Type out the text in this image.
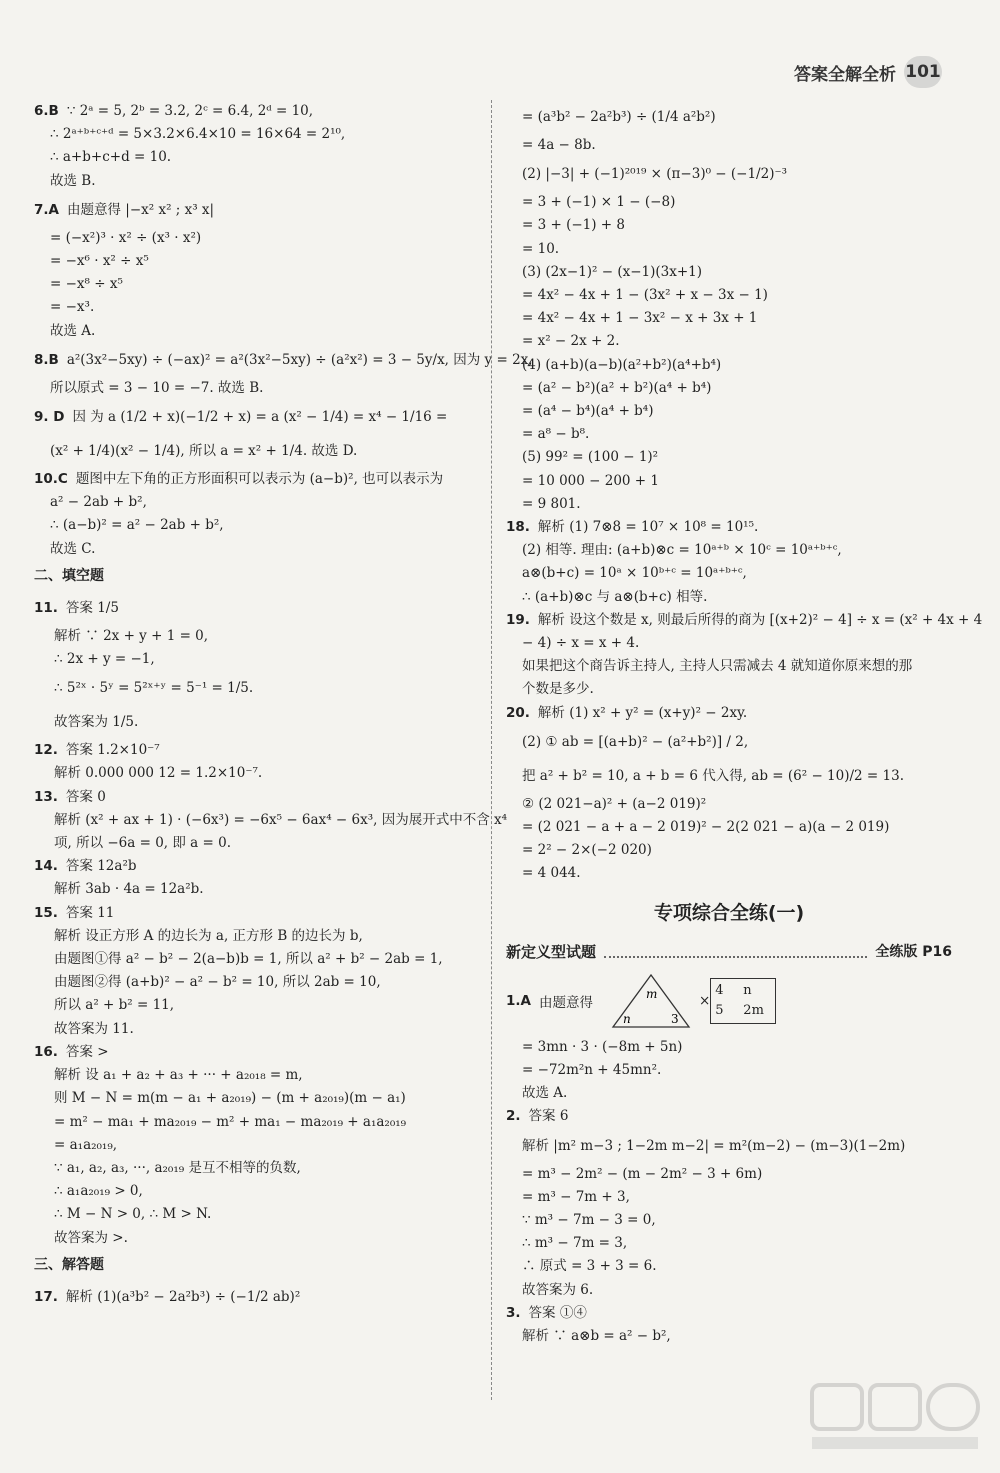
答案全解全析 101
6.B ∵ 2ᵃ = 5, 2ᵇ = 3.2, 2ᶜ = 6.4, 2ᵈ = 10,
∴ 2ᵃ⁺ᵇ⁺ᶜ⁺ᵈ = 5×3.2×6.4×10 = 16×64 = 2¹⁰,
∴ a+b+c+d = 10.
故选 B.
7.A 由题意得 |−x² x² ; x³ x|
= (−x²)³ · x² ÷ (x³ · x²)
= −x⁶ · x² ÷ x⁵
= −x⁸ ÷ x⁵
= −x³.
故选 A.
8.B a²(3x²−5xy) ÷ (−ax)² = a²(3x²−5xy) ÷ (a²x²) = 3 − 5y/x, 因为 y = 2x,
所以原式 = 3 − 10 = −7. 故选 B.
9. D 因 为 a (1/2 + x)(−1/2 + x) = a (x² − 1/4) = x⁴ − 1/16 =
(x² + 1/4)(x² − 1/4), 所以 a = x² + 1/4. 故选 D.
10.C 题图中左下角的正方形面积可以表示为 (a−b)², 也可以表示为
a² − 2ab + b²,
∴ (a−b)² = a² − 2ab + b²,
故选 C.
二、填空题
11. 答案 1/5
解析 ∵ 2x + y + 1 = 0,
∴ 2x + y = −1,
∴ 5²ˣ · 5ʸ = 5²ˣ⁺ʸ = 5⁻¹ = 1/5.
故答案为 1/5.
12. 答案 1.2×10⁻⁷
解析 0.000 000 12 = 1.2×10⁻⁷.
13. 答案 0
解析 (x² + ax + 1) · (−6x³) = −6x⁵ − 6ax⁴ − 6x³, 因为展开式中不含 x⁴
项, 所以 −6a = 0, 即 a = 0.
14. 答案 12a²b
解析 3ab · 4a = 12a²b.
15. 答案 11
解析 设正方形 A 的边长为 a, 正方形 B 的边长为 b,
由题图①得 a² − b² − 2(a−b)b = 1, 所以 a² + b² − 2ab = 1,
由题图②得 (a+b)² − a² − b² = 10, 所以 2ab = 10,
所以 a² + b² = 11,
故答案为 11.
16. 答案 >
解析 设 a₁ + a₂ + a₃ + ··· + a₂₀₁₈ = m,
则 M − N = m(m − a₁ + a₂₀₁₉) − (m + a₂₀₁₉)(m − a₁)
= m² − ma₁ + ma₂₀₁₉ − m² + ma₁ − ma₂₀₁₉ + a₁a₂₀₁₉
= a₁a₂₀₁₉,
∵ a₁, a₂, a₃, ···, a₂₀₁₉ 是互不相等的负数,
∴ a₁a₂₀₁₉ > 0,
∴ M − N > 0, ∴ M > N.
故答案为 >.
三、解答题
17. 解析 (1)(a³b² − 2a²b³) ÷ (−1/2 ab)²
= (a³b² − 2a²b³) ÷ (1/4 a²b²)
= 4a − 8b.
(2) |−3| + (−1)²⁰¹⁹ × (π−3)⁰ − (−1/2)⁻³
= 3 + (−1) × 1 − (−8)
= 3 + (−1) + 8
= 10.
(3) (2x−1)² − (x−1)(3x+1)
= 4x² − 4x + 1 − (3x² + x − 3x − 1)
= 4x² − 4x + 1 − 3x² − x + 3x + 1
= x² − 2x + 2.
(4) (a+b)(a−b)(a²+b²)(a⁴+b⁴)
= (a² − b²)(a² + b²)(a⁴ + b⁴)
= (a⁴ − b⁴)(a⁴ + b⁴)
= a⁸ − b⁸.
(5) 99² = (100 − 1)²
= 10 000 − 200 + 1
= 9 801.
18. 解析 (1) 7⊗8 = 10⁷ × 10⁸ = 10¹⁵.
(2) 相等. 理由: (a+b)⊗c = 10ᵃ⁺ᵇ × 10ᶜ = 10ᵃ⁺ᵇ⁺ᶜ,
a⊗(b+c) = 10ᵃ × 10ᵇ⁺ᶜ = 10ᵃ⁺ᵇ⁺ᶜ,
∴ (a+b)⊗c 与 a⊗(b+c) 相等.
19. 解析 设这个数是 x, 则最后所得的商为 [(x+2)² − 4] ÷ x = (x² + 4x + 4
− 4) ÷ x = x + 4.
如果把这个商告诉主持人, 主持人只需减去 4 就知道你原来想的那
个数是多少.
20. 解析 (1) x² + y² = (x+y)² − 2xy.
(2) ① ab = [(a+b)² − (a²+b²)] / 2,
把 a² + b² = 10, a + b = 6 代入得, ab = (6² − 10)/2 = 13.
② (2 021−a)² + (a−2 019)²
= (2 021 − a + a − 2 019)² − 2(2 021 − a)(a − 2 019)
= 2² − 2×(−2 020)
= 4 044.
专项综合全练(一)
新定义型试题	全练版 P16
1.A 由题意得
m
n	3
×
4	n
5	2m
= 3mn · 3 · (−8m + 5n)
= −72m²n + 45mn².
故选 A.
2. 答案 6
解析 |m² m−3 ; 1−2m m−2| = m²(m−2) − (m−3)(1−2m)
= m³ − 2m² − (m − 2m² − 3 + 6m)
= m³ − 7m + 3,
∵ m³ − 7m − 3 = 0,
∴ m³ − 7m = 3,
∴ 原式 = 3 + 3 = 6.
故答案为 6.
3. 答案 ①④
解析 ∵ a⊗b = a² − b²,
